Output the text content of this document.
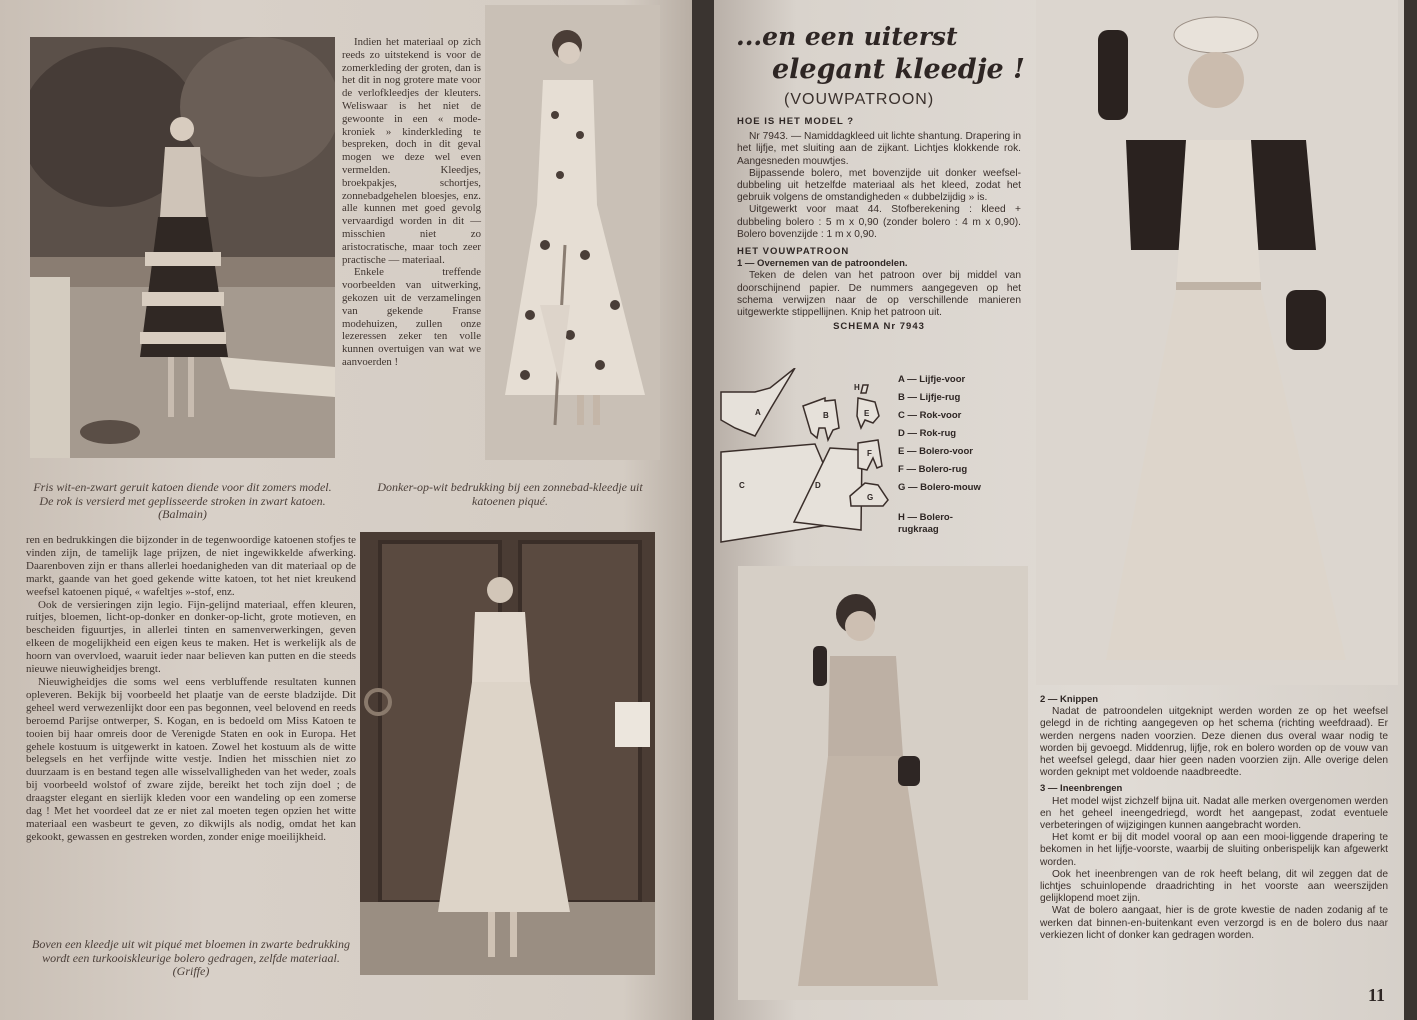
Indien het materiaal op zich reeds zo uitstekend is voor de zomerkleding der groten, dan is het dit in nog grotere mate voor de verlofkleedjes der kleuters. Weliswaar is het niet de gewoonte in een « mode-kroniek » kinderkleding te bespreken, doch in dit geval mogen we deze wel even vermelden. Kleedjes, broekpakjes, schortjes, zonnebadgehelen bloesjes, enz. alle kunnen met goed gevolg vervaardigd worden in dit — misschien niet zo aristocratische, maar toch zeer practische — materiaal.

Enkele treffende voorbeelden van uitwerking, gekozen uit de verzamelingen van gekende Franse modehuizen, zullen onze lezeressen zeker ten volle kunnen overtuigen van wat we aanvoerden !

Fris wit-en-zwart geruit katoen diende voor dit zomers model. De rok is versierd met geplisseerde stroken in zwart katoen. (Balmain)
Donker-op-wit bedrukking bij een zonnebad-kleedje uit katoenen piqué.

ren en bedrukkingen die bijzonder in de tegenwoordige katoenen stofjes te vinden zijn, de tamelijk lage prijzen, de niet ingewikkelde afwerking. Daarenboven zijn er thans allerlei hoedanigheden van dit materiaal op de markt, gaande van het goed gekende witte katoen, tot het niet kreukend weefsel katoenen piqué, « wafeltjes »-stof, enz.

Ook de versieringen zijn legio. Fijn-gelijnd materiaal, effen kleuren, ruitjes, bloemen, licht-op-donker en donker-op-licht, grote motieven, en bescheiden figuurtjes, in allerlei tinten en samenverwerkingen, geven elkeen de mogelijkheid een eigen keus te maken. Het is werkelijk als de hoorn van overvloed, waaruit ieder naar believen kan putten en die steeds nieuwe nieuwigheidjes brengt.

Nieuwigheidjes die soms wel eens verbluffende resultaten kunnen opleveren. Bekijk bij voorbeeld het plaatje van de eerste bladzijde. Dit geheel werd verwezenlijkt door een pas begonnen, veel belovend en reeds beroemd Parijse ontwerper, S. Kogan, en is bedoeld om Miss Katoen te tooien bij haar omreis door de Verenigde Staten en ook in Europa. Het gehele kostuum is uitgewerkt in katoen. Zowel het kostuum als de witte belegsels en het verfijnde witte vestje. Indien het misschien niet zo duurzaam is en bestand tegen alle wisselvalligheden van het weder, zoals bij voorbeeld wolstof of zware zijde, bereikt het toch zijn doel ; de draagster elegant en sierlijk kleden voor een wandeling op een zomerse dag ! Met het voordeel dat ze er niet zal moeten tegen opzien het witte materiaal een wasbeurt te geven, zo dikwijls als nodig, omdat het kan gekookt, gewassen en gestreken worden, zonder enige moeilijkheid.

Boven een kleedje uit wit piqué met bloemen in zwarte bedrukking wordt een turkooiskleurige bolero gedragen, zelfde materiaal. (Griffe)
...en een uiterst
elegant kleedje !
(VOUWPATROON)
HOE IS HET MODEL ?

Nr 7943. — Namiddagkleed uit lichte shantung. Drapering in het lijfje, met sluiting aan de zijkant. Lichtjes klokkende rok. Aangesneden mouwtjes.

Bijpassende bolero, met bovenzijde uit donker weefsel-dubbeling uit hetzelfde materiaal als het kleed, zodat het gebruik volgens de omstandigheden « dubbelzijdig » is.

Uitgewerkt voor maat 44. Stofberekening : kleed + dubbeling bolero : 5 m x 0,90 (zonder bolero : 4 m x 0,90). Bolero bovenzijde : 1 m x 0,90.

HET VOUWPATROON
1 — Overnemen van de patroondelen.

Teken de delen van het patroon over bij middel van doorschijnend papier. De nummers aangegeven op het schema verwijzen naar de op verschillende manieren uitgewerkte stippellijnen. Knip het patroon uit.

SCHEMA Nr 7943
A	B
C	D
E
F
G
H
A — Lijfje-voor
B — Lijfje-rug
C — Rok-voor
D — Rok-rug
E — Bolero-voor
F — Bolero-rug
G — Bolero-mouw
H — Bolero-rugkraag
2 — Knippen

Nadat de patroondelen uitgeknipt werden worden ze op het weefsel gelegd in de richting aangegeven op het schema (richting weefdraad). Er werden nergens naden voorzien. Deze dienen dus overal waar nodig te worden bij gevoegd. Middenrug, lijfje, rok en bolero worden op de vouw van het weefsel gelegd, daar hier geen naden voorzien zijn. Alle overige delen worden geknipt met voldoende naadbreedte.

3 — Ineenbrengen

Het model wijst zichzelf bijna uit. Nadat alle merken overgenomen werden en het geheel ineengedriegd, wordt het aangepast, zodat eventuele verbeteringen of wijzigingen kunnen aangebracht worden.

Het komt er bij dit model vooral op aan een mooi-liggende drapering te bekomen in het lijfje-voorste, waarbij de sluiting onberispelijk kan afgewerkt worden.

Ook het ineenbrengen van de rok heeft belang, dit wil zeggen dat de lichtjes schuinlopende draadrichting in het voorste aan weerszijden gelijklopend moet zijn.

Wat de bolero aangaat, hier is de grote kwestie de naden zodanig af te werken dat binnen-en-buitenkant even verzorgd is en de bolero dus naar verkiezen licht of donker kan gedragen worden.

11
